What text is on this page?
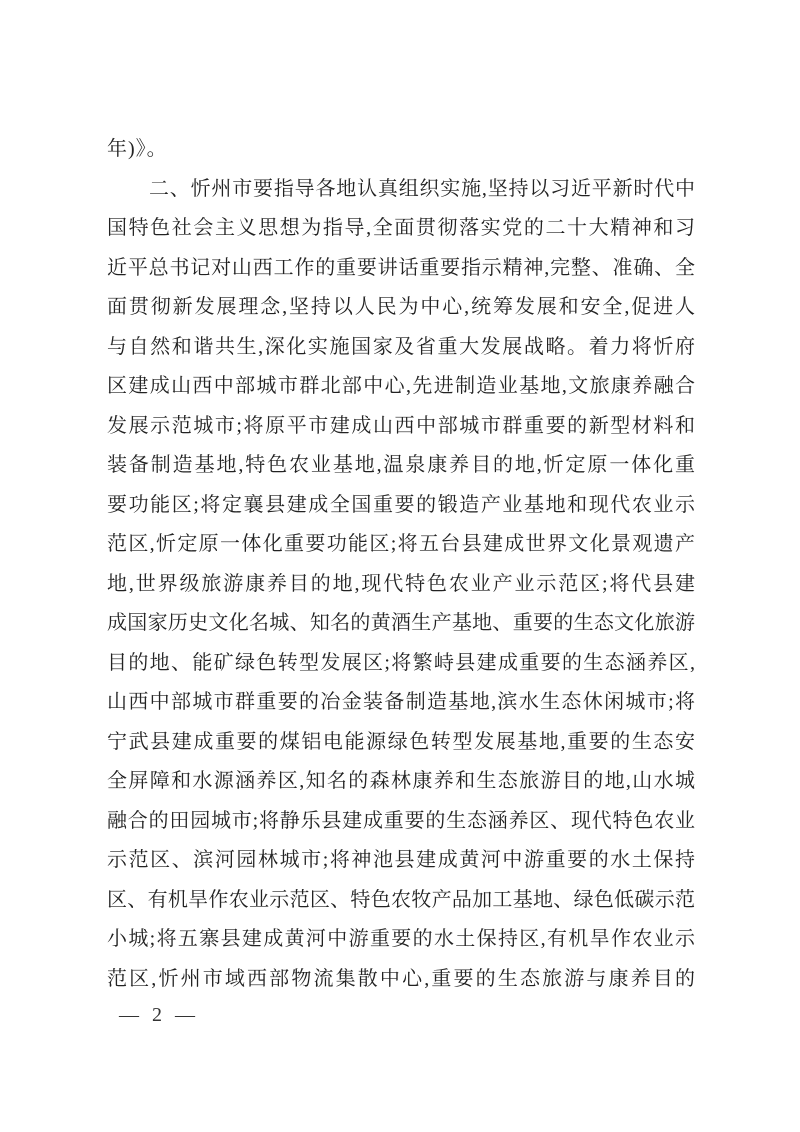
年)》。
二、忻州市要指导各地认真组织实施,坚持以习近平新时代中
国特色社会主义思想为指导,全面贯彻落实党的二十大精神和习
近平总书记对山西工作的重要讲话重要指示精神,完整、准确、全
面贯彻新发展理念,坚持以人民为中心,统筹发展和安全,促进人
与自然和谐共生,深化实施国家及省重大发展战略。着力将忻府
区建成山西中部城市群北部中心,先进制造业基地,文旅康养融合
发展示范城市;将原平市建成山西中部城市群重要的新型材料和
装备制造基地,特色农业基地,温泉康养目的地,忻定原一体化重
要功能区;将定襄县建成全国重要的锻造产业基地和现代农业示
范区,忻定原一体化重要功能区;将五台县建成世界文化景观遗产
地,世界级旅游康养目的地,现代特色农业产业示范区;将代县建
成国家历史文化名城、知名的黄酒生产基地、重要的生态文化旅游
目的地、能矿绿色转型发展区;将繁峙县建成重要的生态涵养区,
山西中部城市群重要的冶金装备制造基地,滨水生态休闲城市;将
宁武县建成重要的煤铝电能源绿色转型发展基地,重要的生态安
全屏障和水源涵养区,知名的森林康养和生态旅游目的地,山水城
融合的田园城市;将静乐县建成重要的生态涵养区、现代特色农业
示范区、滨河园林城市;将神池县建成黄河中游重要的水土保持
区、有机旱作农业示范区、特色农牧产品加工基地、绿色低碳示范
小城;将五寨县建成黄河中游重要的水土保持区,有机旱作农业示
范区,忻州市域西部物流集散中心,重要的生态旅游与康养目的
— 2 —
